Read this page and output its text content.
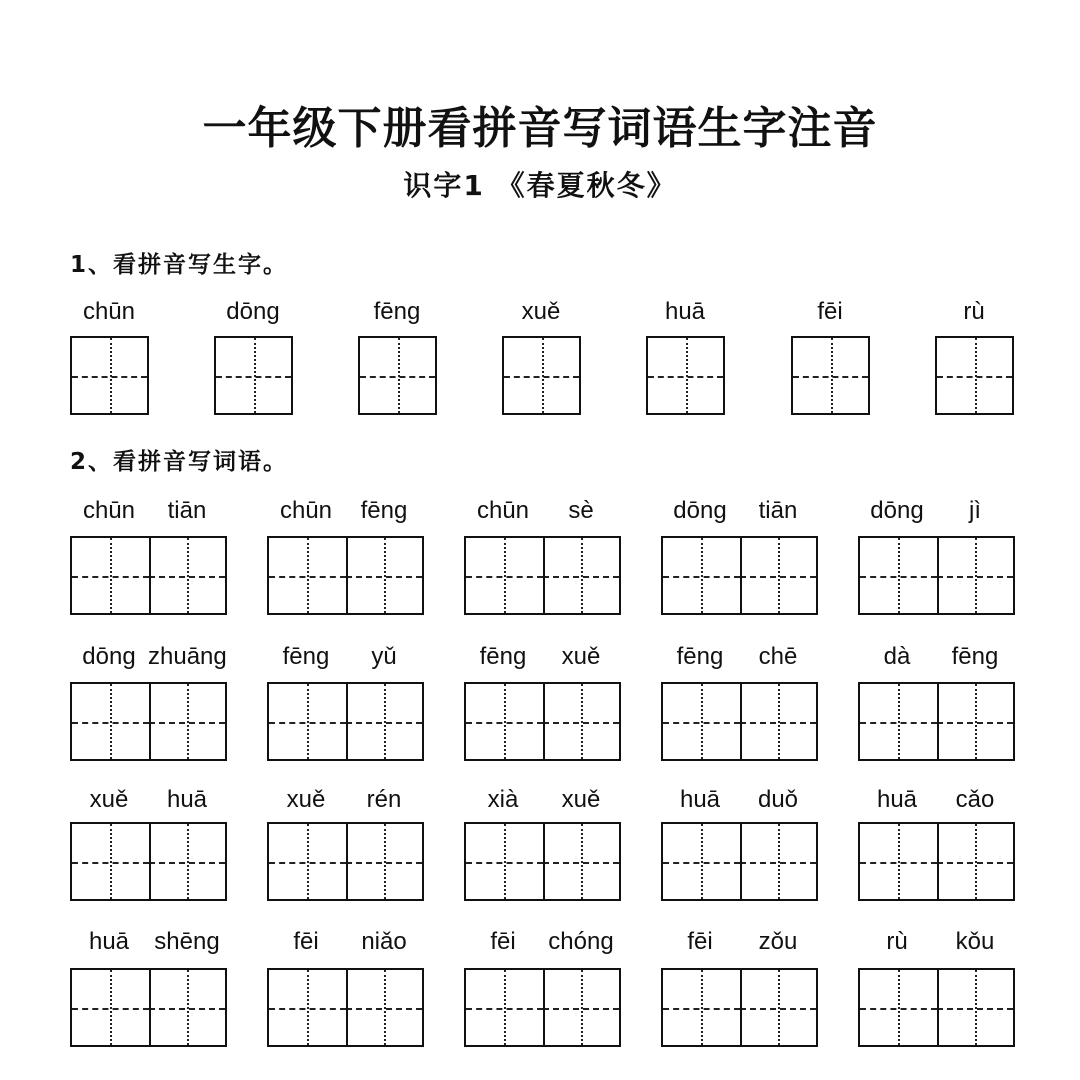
一年级下册看拼音写词语生字注音
识字1 《春夏秋冬》
1、看拼音写生字。
chūn	dōng	fēng	xuě	huā	fēi	rù
2、看拼音写词语。
chūn	tiān	chūn	fēng	chūn	sè	dōng	tiān	dōng	jì
dōng zhuāng	fēng	yǔ	fēng	xuě	fēng	chē	dà	fēng
xuě	huā	xuě	rén	xià	xuě	huā	duǒ	huā	cǎo
huā	shēng	fēi	niǎo	fēi	chóng	fēi	zǒu	rù	kǒu
